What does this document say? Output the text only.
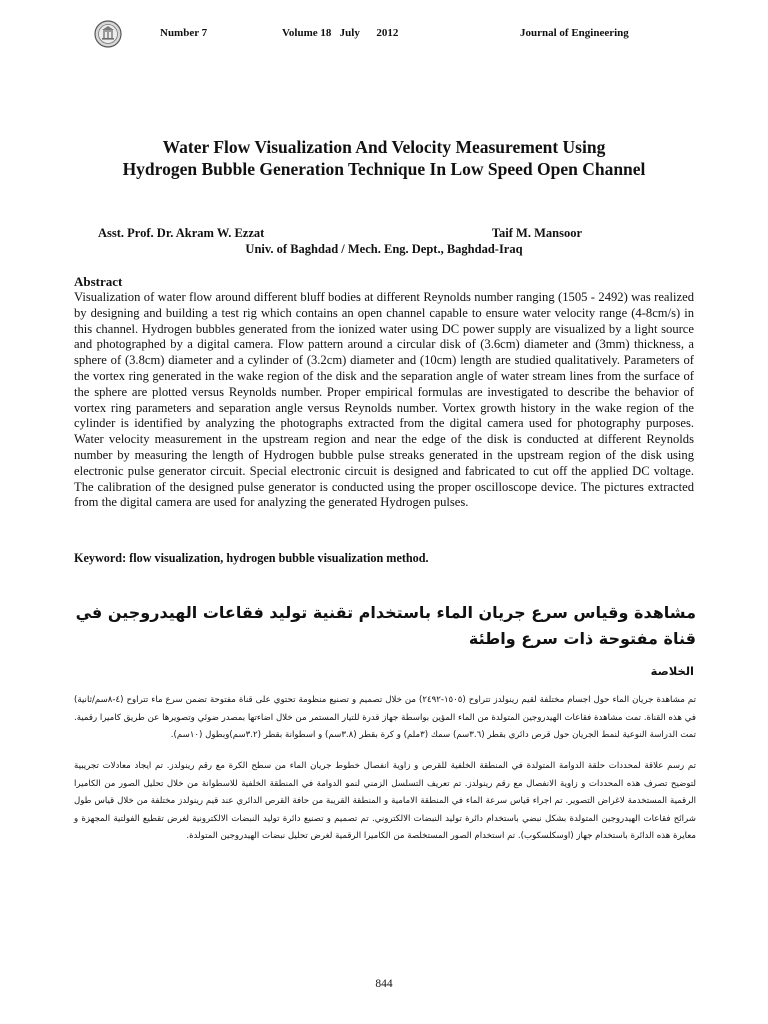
Number 7	Volume 18   July      2012	Journal of Engineering
Water Flow Visualization And Velocity Measurement Using
Hydrogen Bubble Generation Technique In Low Speed Open Channel
Asst. Prof. Dr. Akram W. Ezzat	Taif M. Mansoor
Univ. of Baghdad / Mech. Eng. Dept., Baghdad-Iraq
Abstract

Visualization of water flow around different bluff bodies at different Reynolds number ranging (1505 - 2492) was realized by designing and building a test rig which contains an open channel capable to ensure water velocity range (4-8cm/s) in this channel. Hydrogen bubbles generated from the ionized water using DC power supply are visualized by a light source and photographed by a digital camera. Flow pattern around a circular disk of (3.6cm) diameter and (3mm) thickness, a sphere of (3.8cm) diameter and a cylinder of (3.2cm) diameter and (10cm) length are studied qualitatively. Parameters of the vortex ring generated in the wake region of the disk and the separation angle of water stream lines from the surface of the sphere are plotted versus Reynolds number. Proper empirical formulas are investigated to describe the behavior of vortex ring parameters and separation angle versus Reynolds number. Vortex growth history in the wake region of the cylinder is identified by analyzing the photographs extracted from the digital camera used for photography purposes. Water velocity measurement in the upstream region and near the edge of the disk is conducted at different Reynolds number by measuring the length of Hydrogen bubble pulse streaks generated in the upstream region of the disk using electronic pulse generator circuit. Special electronic circuit is designed and fabricated to cut off the applied DC voltage. The calibration of the designed pulse generator is conducted using the proper oscilloscope device. The pictures extracted from the digital camera are used for analyzing the generated Hydrogen pulses.

Keyword: flow visualization, hydrogen bubble visualization method.
مشاهدة وقياس سرع جريان الماء باستخدام تقنية توليد فقاعات الهيدروجين في قناة مفتوحة ذات سرع واطئة
الخلاصة

تم مشاهدة جريان الماء حول اجسام مختلفة لقيم رينولدز تتراوح (١٥٠٥-٢٤٩٢) من خلال تصميم و تصنيع منظومة تحتوي على قناة مفتوحة تضمن سرع ماء تتراوح (٤-٨سم/ثانية) في هذه القناة. تمت مشاهدة فقاعات الهيدروجين المتولدة من الماء المؤين بواسطة جهاز قدرة للتيار المستمر من خلال اضاءتها بمصدر ضوئي وتصويرها عن طريق كاميرا رقمية. تمت الدراسة النوعية لنمط الجريان حول قرص دائري بقطر (٣.٦سم) سمك (٣ملم) و كرة بقطر (٣.٨سم) و اسطوانة بقطر (٣.٢سم)وبطول (١٠سم).

تم رسم علاقة لمحددات حلقة الدوامة المتولدة في المنطقة الخلفية للقرص و زاوية انفصال خطوط جريان الماء من سطح الكرة مع رقم رينولدز. تم ايجاد معادلات تجريبية لتوضيح تصرف هذه المحددات و زاوية الانفصال مع رقم رينولدز. تم تعريف التسلسل الزمني لنمو الدوامة في المنطقة الخلفية للاسطوانة من خلال تحليل الصور من الكاميرا الرقمية المستخدمة لاغراض التصوير. تم اجراء قياس سرعة الماء في المنطقة الامامية و المنطقة القريبة من حافة القرص الدائري عند قيم رينولدز مختلفة من خلال قياس طول شرائح فقاعات الهيدروجين المتولدة بشكل نبضي باستخدام دائرة توليد النبضات الالكتروني. تم تصميم و تصنيع دائرة توليد النبضات الالكترونية لغرض تقطيع الفولتية المجهزة و معايرة هذه الدائرة باستخدام جهاز (اوسكلسكوب). تم استخدام الصور المستخلصة من الكاميرا الرقمية لغرض تحليل نبضات الهيدروجين المتولدة.

844
